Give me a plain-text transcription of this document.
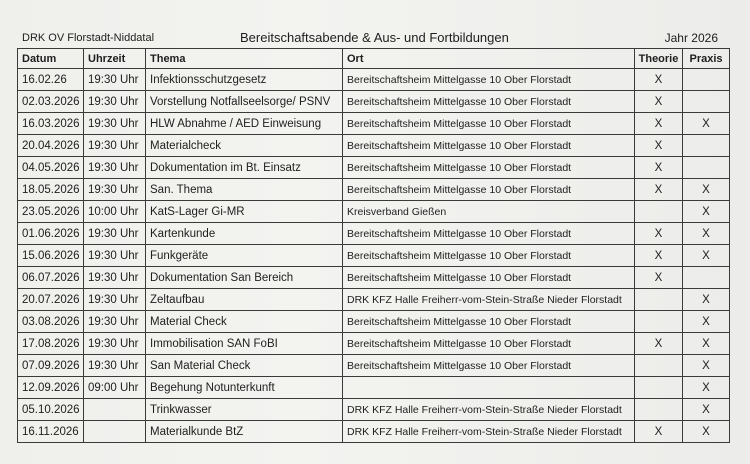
DRK OV Florstadt-Niddatal	Bereitschaftsabende & Aus- und Fortbildungen	Jahr 2026
Datum	Uhrzeit	Thema	Ort	Theorie	Praxis
16.02.26	19:30 Uhr	Infektionsschutzgesetz	Bereitschaftsheim Mittelgasse 10 Ober Florstadt	X	
02.03.2026	19:30 Uhr	Vorstellung Notfallseelsorge/ PSNV	Bereitschaftsheim Mittelgasse 10 Ober Florstadt	X	
16.03.2026	19:30 Uhr	HLW Abnahme / AED Einweisung	Bereitschaftsheim Mittelgasse 10 Ober Florstadt	X	X
20.04.2026	19:30 Uhr	Materialcheck	Bereitschaftsheim Mittelgasse 10 Ober Florstadt	X	
04.05.2026	19:30 Uhr	Dokumentation im Bt. Einsatz	Bereitschaftsheim Mittelgasse 10 Ober Florstadt	X	
18.05.2026	19:30 Uhr	San. Thema	Bereitschaftsheim Mittelgasse 10 Ober Florstadt	X	X
23.05.2026	10:00 Uhr	KatS-Lager Gi-MR	Kreisverband Gießen		X
01.06.2026	19:30 Uhr	Kartenkunde	Bereitschaftsheim Mittelgasse 10 Ober Florstadt	X	X
15.06.2026	19:30 Uhr	Funkgeräte	Bereitschaftsheim Mittelgasse 10 Ober Florstadt	X	X
06.07.2026	19:30 Uhr	Dokumentation San Bereich	Bereitschaftsheim Mittelgasse 10 Ober Florstadt	X	
20.07.2026	19:30 Uhr	Zeltaufbau	DRK KFZ Halle Freiherr-vom-Stein-Straße Nieder Florstadt		X
03.08.2026	19:30 Uhr	Material Check	Bereitschaftsheim Mittelgasse 10 Ober Florstadt		X
17.08.2026	19:30 Uhr	Immobilisation SAN FoBI	Bereitschaftsheim Mittelgasse 10 Ober Florstadt	X	X
07.09.2026	19:30 Uhr	San Material Check	Bereitschaftsheim Mittelgasse 10 Ober Florstadt		X
12.09.2026	09:00 Uhr	Begehung Notunterkunft			X
05.10.2026		Trinkwasser	DRK KFZ Halle Freiherr-vom-Stein-Straße Nieder Florstadt		X
16.11.2026		Materialkunde BtZ	DRK KFZ Halle Freiherr-vom-Stein-Straße Nieder Florstadt	X	X
